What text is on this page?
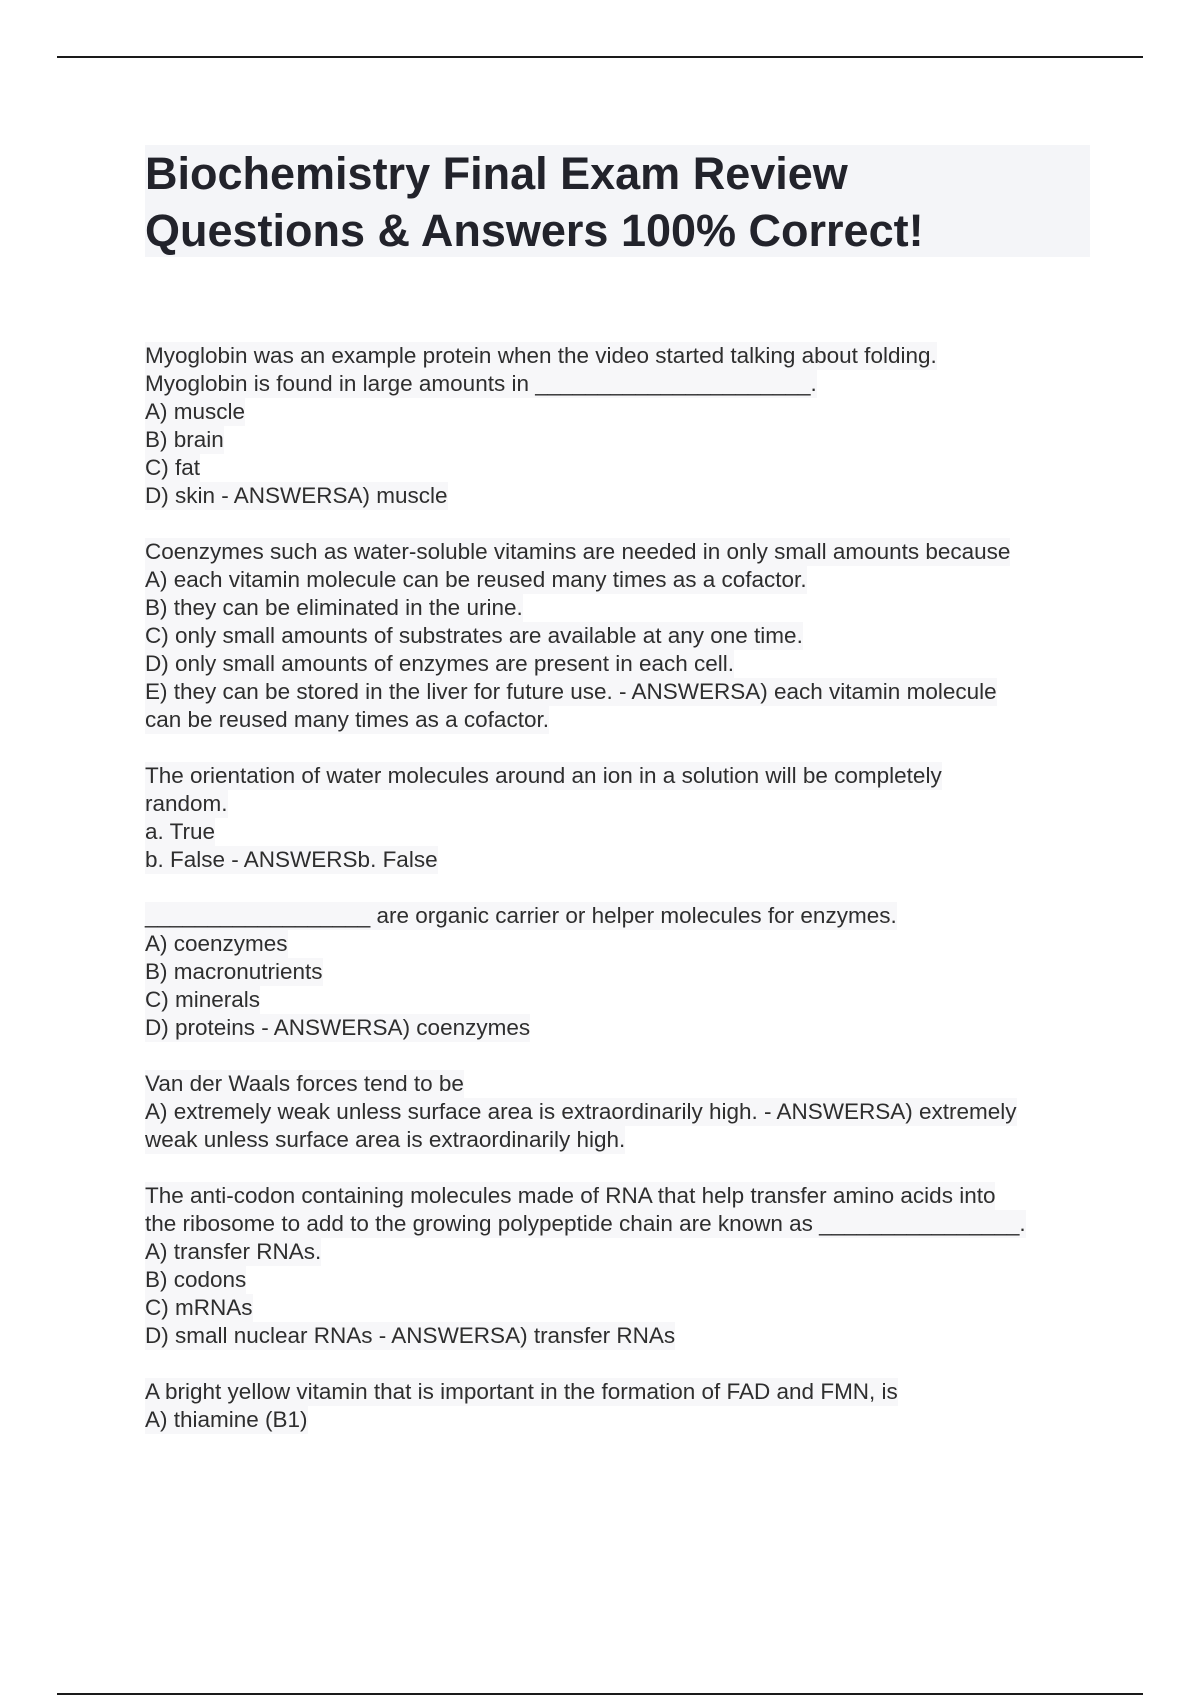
Biochemistry Final Exam Review
Questions & Answers 100% Correct!
Myoglobin was an example protein when the video started talking about folding.
Myoglobin is found in large amounts in ______________________.
A) muscle
B) brain
C) fat
D) skin - ANSWERSA) muscle
Coenzymes such as water-soluble vitamins are needed in only small amounts because
A) each vitamin molecule can be reused many times as a cofactor.
B) they can be eliminated in the urine.
C) only small amounts of substrates are available at any one time.
D) only small amounts of enzymes are present in each cell.
E) they can be stored in the liver for future use. - ANSWERSA) each vitamin molecule
can be reused many times as a cofactor.
The orientation of water molecules around an ion in a solution will be completely
random.
a. True
b. False - ANSWERSb. False
__________________ are organic carrier or helper molecules for enzymes.
A) coenzymes
B) macronutrients
C) minerals
D) proteins - ANSWERSA) coenzymes
Van der Waals forces tend to be
A) extremely weak unless surface area is extraordinarily high. - ANSWERSA) extremely
weak unless surface area is extraordinarily high.
The anti-codon containing molecules made of RNA that help transfer amino acids into
the ribosome to add to the growing polypeptide chain are known as ________________.
A) transfer RNAs.
B) codons
C) mRNAs
D) small nuclear RNAs - ANSWERSA) transfer RNAs
A bright yellow vitamin that is important in the formation of FAD and FMN, is
A) thiamine (B1)
